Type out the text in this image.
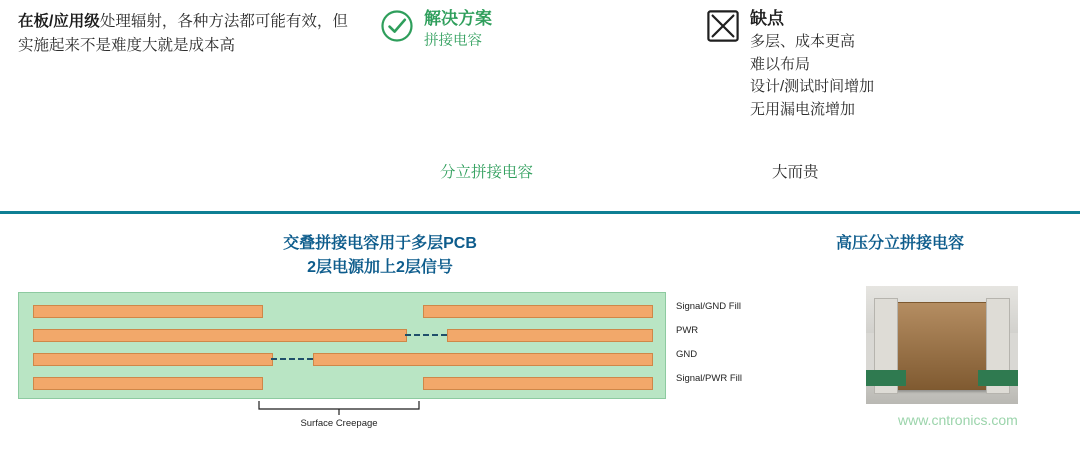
在板/应用级处理辐射，各种方法都可能有效，但实施起来不是难度大就是成本高
解决方案
拼接电容
缺点
多层、成本更高
难以布局
设计/测试时间增加
无用漏电流增加
分立拼接电容	大而贵
交叠拼接电容用于多层PCB
2层电源加上2层信号
高压分立拼接电容
Signal/GND Fill
PWR
GND
Signal/PWR Fill
Surface Creepage	www.cntronics.com
